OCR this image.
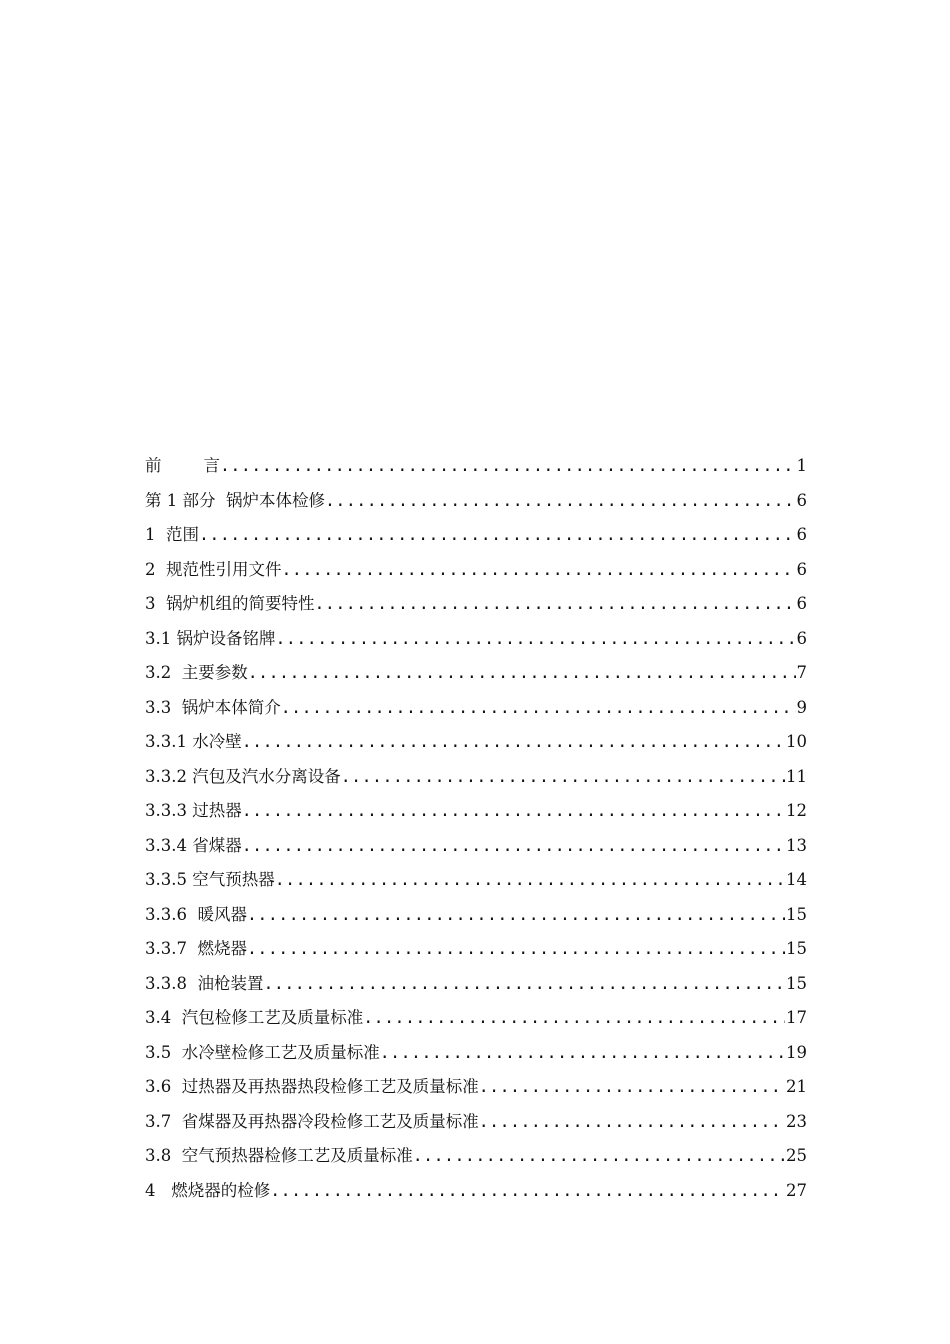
前        言 .....	1
第 1 部分  锅炉本体检修 .....	6
1  范围 .....	6
2  规范性引用文件 .....	6
3  锅炉机组的简要特性 .....	6
3.1 锅炉设备铭牌 .....	6
3.2  主要参数 .....	7
3.3  锅炉本体简介 .....	9
3.3.1 水冷壁 .....	10
3.3.2 汽包及汽水分离设备 .....	11
3.3.3 过热器 .....	12
3.3.4 省煤器 .....	13
3.3.5 空气预热器 .....	14
3.3.6  暖风器 .....	15
3.3.7  燃烧器 .....	15
3.3.8  油枪装置 .....	15
3.4  汽包检修工艺及质量标准 .....	17
3.5  水冷壁检修工艺及质量标准 .....	19
3.6  过热器及再热器热段检修工艺及质量标准 .....	21
3.7  省煤器及再热器冷段检修工艺及质量标准 .....	23
3.8  空气预热器检修工艺及质量标准 .....	25
4   燃烧器的检修 .....	27
